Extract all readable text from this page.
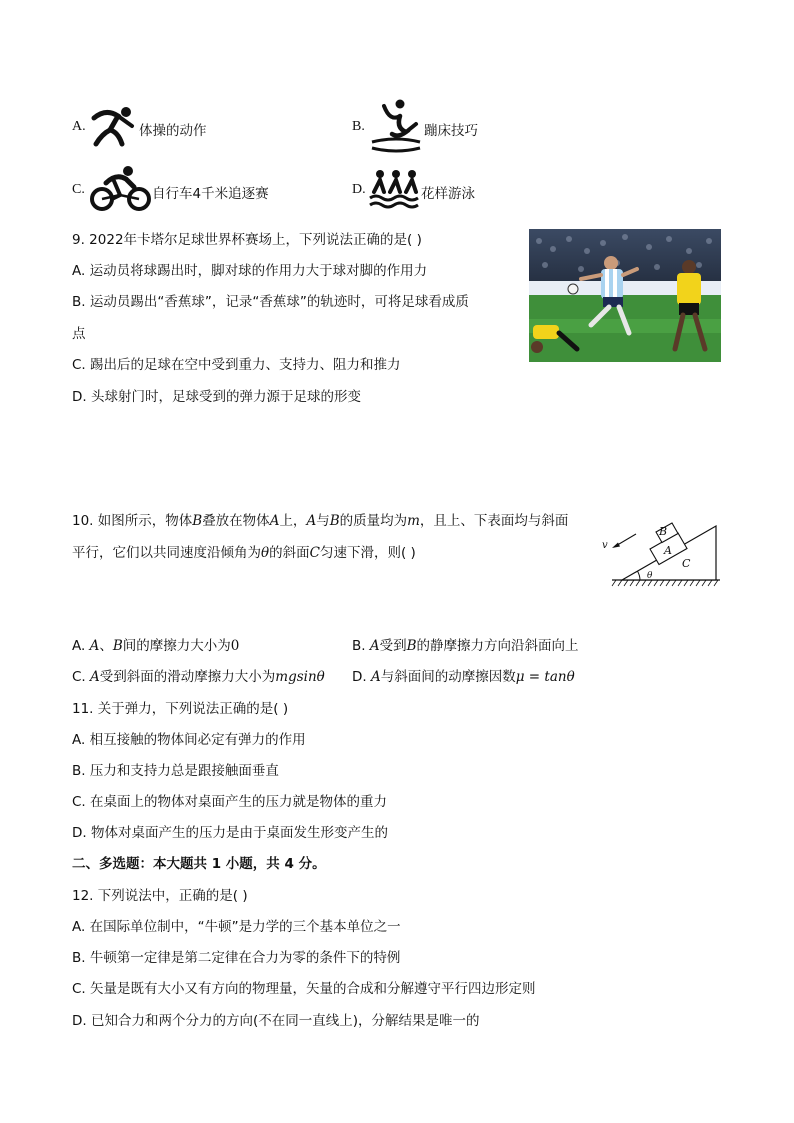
A.	体操的动作	B.	蹦床技巧
C.	自行车4千米追逐赛	D.	花样游泳
9. 2022年卡塔尔足球世界杯赛场上，下列说法正确的是( )
A. 运动员将球踢出时，脚对球的作用力大于球对脚的作用力
B. 运动员踢出“香蕉球”，记录“香蕉球”的轨迹时，可将足球看成质
点
C. 踢出后的足球在空中受到重力、支持力、阻力和推力
D. 头球射门时，足球受到的弹力源于足球的形变
10. 如图所示，物体B叠放在物体A上，A与B的质量均为m，且上、下表面均与斜面
平行，它们以共同速度沿倾角为θ的斜面C匀速下滑，则( )	v
B
A
C
θ
A. A、B间的摩擦力大小为0	B. A受到B的静摩擦力方向沿斜面向上
C. A受到斜面的滑动摩擦力大小为mgsinθ D. A与斜面间的动摩擦因数μ = tanθ
11. 关于弹力，下列说法正确的是( )
A. 相互接触的物体间必定有弹力的作用
B. 压力和支持力总是跟接触面垂直
C. 在桌面上的物体对桌面产生的压力就是物体的重力
D. 物体对桌面产生的压力是由于桌面发生形变产生的
二、多选题：本大题共 1 小题，共 4 分。
12. 下列说法中，正确的是( )
A. 在国际单位制中，“牛顿”是力学的三个基本单位之一
B. 牛顿第一定律是第二定律在合力为零的条件下的特例
C. 矢量是既有大小又有方向的物理量，矢量的合成和分解遵守平行四边形定则
D. 已知合力和两个分力的方向(不在同一直线上)，分解结果是唯一的
